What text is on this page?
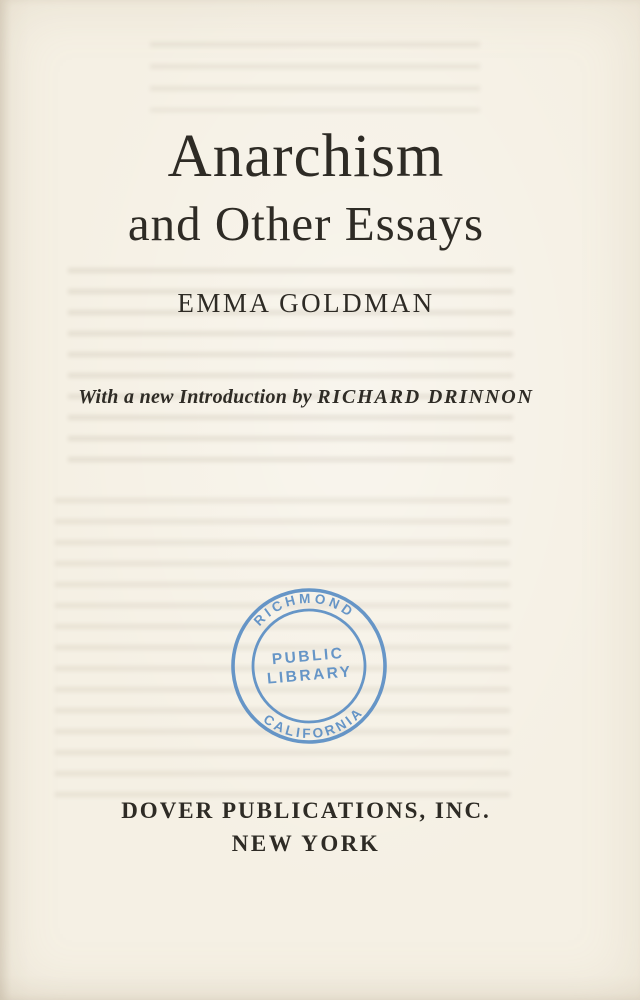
Anarchism
and Other Essays
EMMA GOLDMAN
With a new Introduction by RICHARD DRINNON
RICHMOND
CALIFORNIA
PUBLIC
LIBRARY
DOVER PUBLICATIONS, INC.
NEW YORK
